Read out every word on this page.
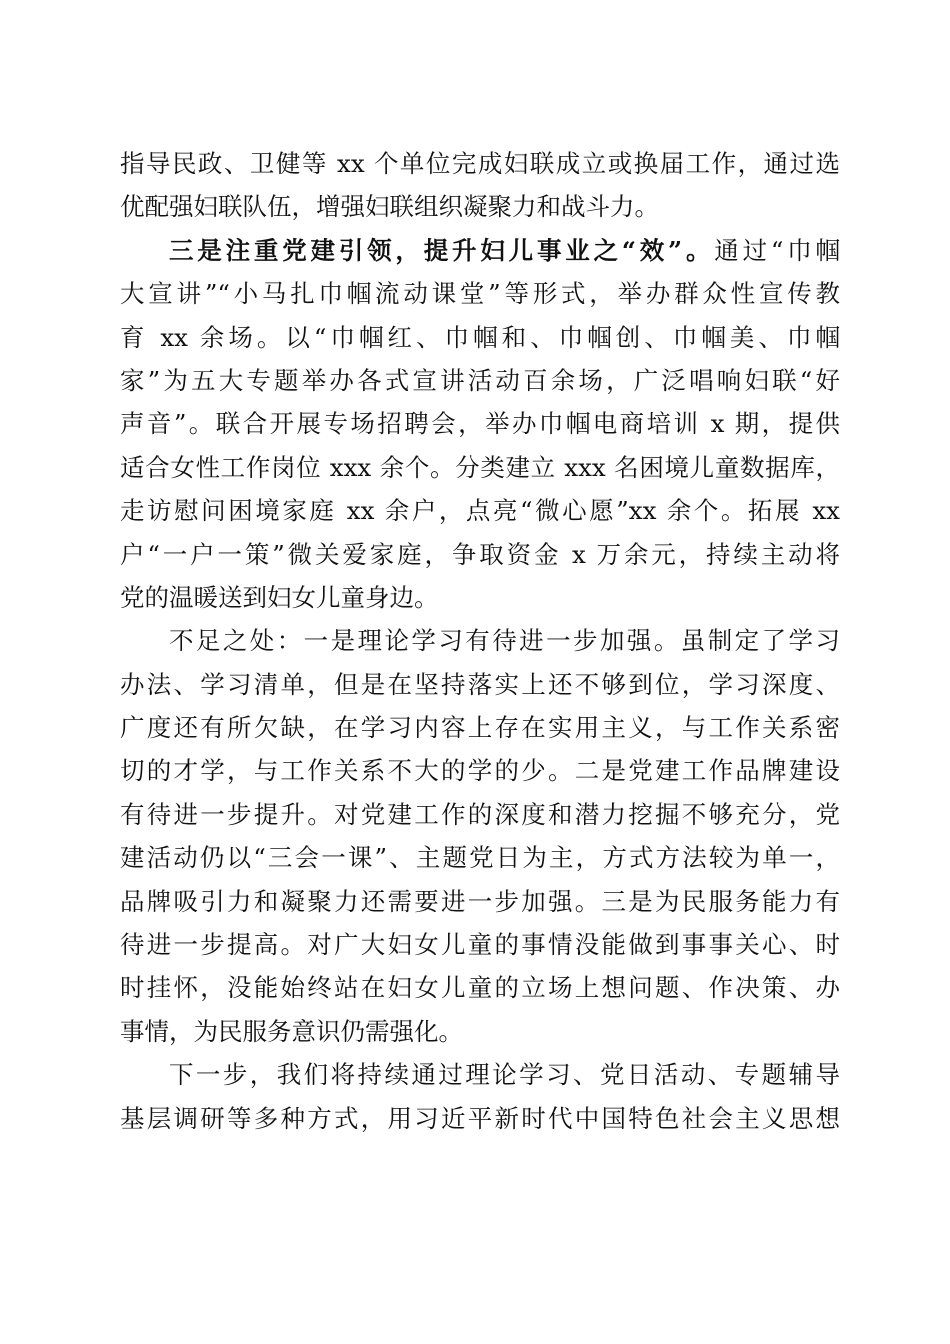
指导民政、卫健等 xx 个单位完成妇联成立或换届工作，通过选
优配强妇联队伍，增强妇联组织凝聚力和战斗力。
三是注重党建引领，提升妇儿事业之“效”。通过“巾帼
大宣讲”“小马扎巾帼流动课堂”等形式，举办群众性宣传教
育 xx 余场。以“巾帼红、巾帼和、巾帼创、巾帼美、巾帼
家”为五大专题举办各式宣讲活动百余场，广泛唱响妇联“好
声音”。联合开展专场招聘会，举办巾帼电商培训 x 期，提供
适合女性工作岗位 xxx 余个。分类建立 xxx 名困境儿童数据库，
走访慰问困境家庭 xx 余户，点亮“微心愿”xx 余个。拓展 xx
户“一户一策”微关爱家庭，争取资金 x 万余元，持续主动将
党的温暖送到妇女儿童身边。
不足之处：一是理论学习有待进一步加强。虽制定了学习
办法、学习清单，但是在坚持落实上还不够到位，学习深度、
广度还有所欠缺，在学习内容上存在实用主义，与工作关系密
切的才学，与工作关系不大的学的少。二是党建工作品牌建设
有待进一步提升。对党建工作的深度和潜力挖掘不够充分，党
建活动仍以“三会一课”、主题党日为主，方式方法较为单一，
品牌吸引力和凝聚力还需要进一步加强。三是为民服务能力有
待进一步提高。对广大妇女儿童的事情没能做到事事关心、时
时挂怀，没能始终站在妇女儿童的立场上想问题、作决策、办
事情，为民服务意识仍需强化。
下一步，我们将持续通过理论学习、党日活动、专题辅导
基层调研等多种方式，用习近平新时代中国特色社会主义思想
